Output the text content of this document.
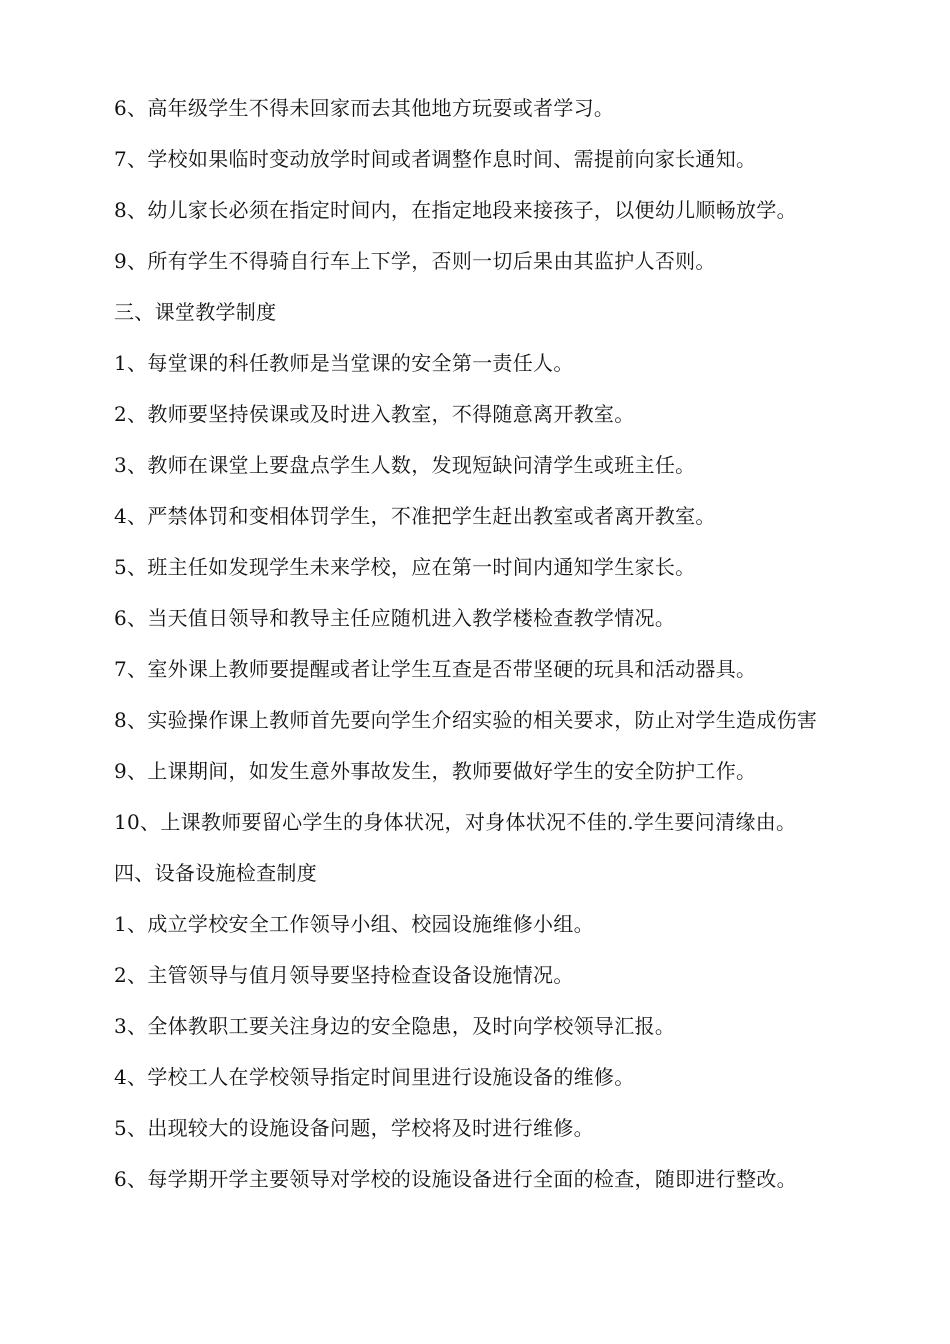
6、高年级学生不得未回家而去其他地方玩耍或者学习。
7、学校如果临时变动放学时间或者调整作息时间、需提前向家长通知。
8、幼儿家长必须在指定时间内，在指定地段来接孩子，以便幼儿顺畅放学。
9、所有学生不得骑自行车上下学，否则一切后果由其监护人否则。
三、课堂教学制度
1、每堂课的科任教师是当堂课的安全第一责任人。
2、教师要坚持侯课或及时进入教室，不得随意离开教室。
3、教师在课堂上要盘点学生人数，发现短缺问清学生或班主任。
4、严禁体罚和变相体罚学生，不准把学生赶出教室或者离开教室。
5、班主任如发现学生未来学校，应在第一时间内通知学生家长。
6、当天值日领导和教导主任应随机进入教学楼检查教学情况。
7、室外课上教师要提醒或者让学生互查是否带坚硬的玩具和活动器具。
8、实验操作课上教师首先要向学生介绍实验的相关要求，防止对学生造成伤害
9、上课期间，如发生意外事故发生，教师要做好学生的安全防护工作。
10、上课教师要留心学生的身体状况，对身体状况不佳的.学生要问清缘由。
四、设备设施检查制度
1、成立学校安全工作领导小组、校园设施维修小组。
2、主管领导与值月领导要坚持检查设备设施情况。
3、全体教职工要关注身边的安全隐患，及时向学校领导汇报。
4、学校工人在学校领导指定时间里进行设施设备的维修。
5、出现较大的设施设备问题，学校将及时进行维修。
6、每学期开学主要领导对学校的设施设备进行全面的检查，随即进行整改。
